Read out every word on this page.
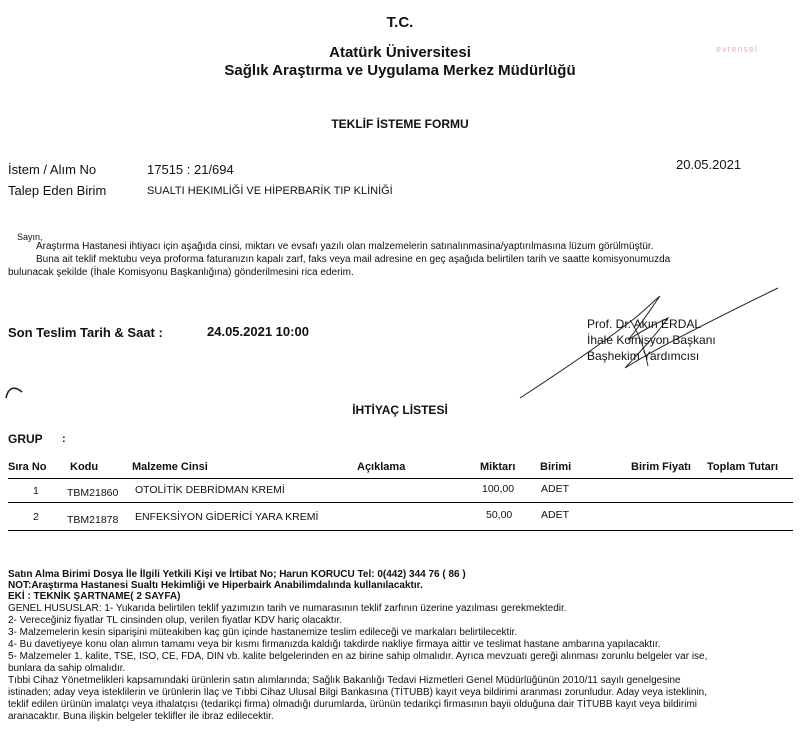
T.C.
Atatürk Üniversitesi
Sağlık Araştırma ve Uygulama Merkez Müdürlüğü
evrensel
TEKLİF İSTEME FORMU
İstem / Alım No	17515 : 21/694	20.05.2021
Talep Eden Birim	SUALTI HEKIMLİĞİ VE HİPERBARİK TIP KLİNİĞİ
Sayın,
Araştırma Hastanesi ihtiyacı için aşağıda cinsi, miktarı ve evsafı yazılı olan malzemelerin satınalınmasina/yaptırılmasına lüzum görülmüştür.
Buna ait teklif mektubu veya proforma faturanızın kapalı zarf, faks veya mail adresine en geç aşağıda belirtilen tarih ve saatte komisyonumuzda
bulunacak şekilde (İhale Komisyonu Başkanlığına) gönderilmesini rica ederim.
Son Teslim Tarih & Saat :	24.05.2021 10:00	Prof. Dr. Akın ERDAL
İhale Komisyon Başkanı
Başhekim Yardımcısı
İHTİYAÇ LİSTESİ
GRUP :
Sıra No Kodu	Malzeme Cinsi	Açıklama	Miktarı Birimi	Birim Fiyatı Toplam Tutarı
1	TBM21860 OTOLİTİK DEBRİDMAN KREMİ	100,00	ADET
2	TBM21878 ENFEKSİYON GİDERİCİ YARA KREMİ	50,00	ADET
Satın Alma Birimi Dosya İle İlgili Yetkili Kişi ve İrtibat No; Harun KORUCU Tel: 0(442) 344 76 ( 86 )
NOT:Araştırma Hastanesi Sualtı Hekimliği ve Hiperbairk Anabilimdalında kullanılacaktır.
EKİ : TEKNİK ŞARTNAME( 2 SAYFA)
GENEL HUSUSLAR: 1- Yukarıda belirtilen teklif yazımızın tarih ve numarasının teklif zarfının üzerine yazılması gerekmektedir.
2- Vereceğiniz fiyatlar TL cinsinden olup, verilen fiyatlar KDV hariç olacaktır.
3- Malzemelerin kesin siparişini müteakiben kaç gün içinde hastanemize teslim edileceği ve markaları belirtilecektir.
4- Bu davetiyeye konu olan alımın tamamı veya bir kısmı firmanızda kaldığı takdirde nakliye firmaya aittir ve teslimat hastane ambarına yapılacaktır.
5- Malzemeler 1. kalite, TSE, ISO, CE, FDA, DIN vb. kalite belgelerinden en az birine sahip olmalıdır. Ayrıca mevzuatı gereği alınması zorunlu belgeler var ise,
bunlara da sahip olmalıdır.
Tıbbi Cihaz Yönetmelikleri kapsamındaki ürünlerin satın alımlarında; Sağlık Bakanlığı Tedavi Hizmetleri Genel Müdürlüğünün 2010/11 sayılı genelgesine
istinaden; aday veya isteklilerin ve ürünlerin İlaç ve Tıbbi Cihaz Ulusal Bilgi Bankasına (TİTUBB) kayıt veya bildirimi aranması zorunludur. Aday veya isteklinin,
teklif edilen ürünün imalatçı veya ithalatçısı (tedarikçi firma) olmadığı durumlarda, ürünün tedarikçi firmasının bayii olduğuna dair TİTUBB kayıt veya bildirimi
aranacaktır. Buna ilişkin belgeler teklifler ile ibraz edilecektir.
